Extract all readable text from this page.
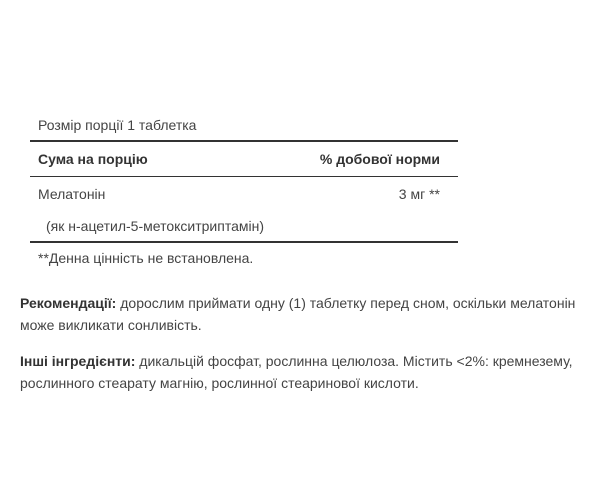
Розмір порції 1 таблетка
Сума на порцію	% добової норми
Мелатонін	3 мг **
(як н-ацетил-5-метокситриптамін)
**Денна цінність не встановлена.

Рекомендації: дорослим приймати одну (1) таблетку перед сном, оскільки мелатонін може викликати сонливість.

Інші інгредієнти: дикальцій фосфат, рослинна целюлоза. Містить <2%: кремнезему, рослинного стеарату магнію, рослинної стеаринової кислоти.
